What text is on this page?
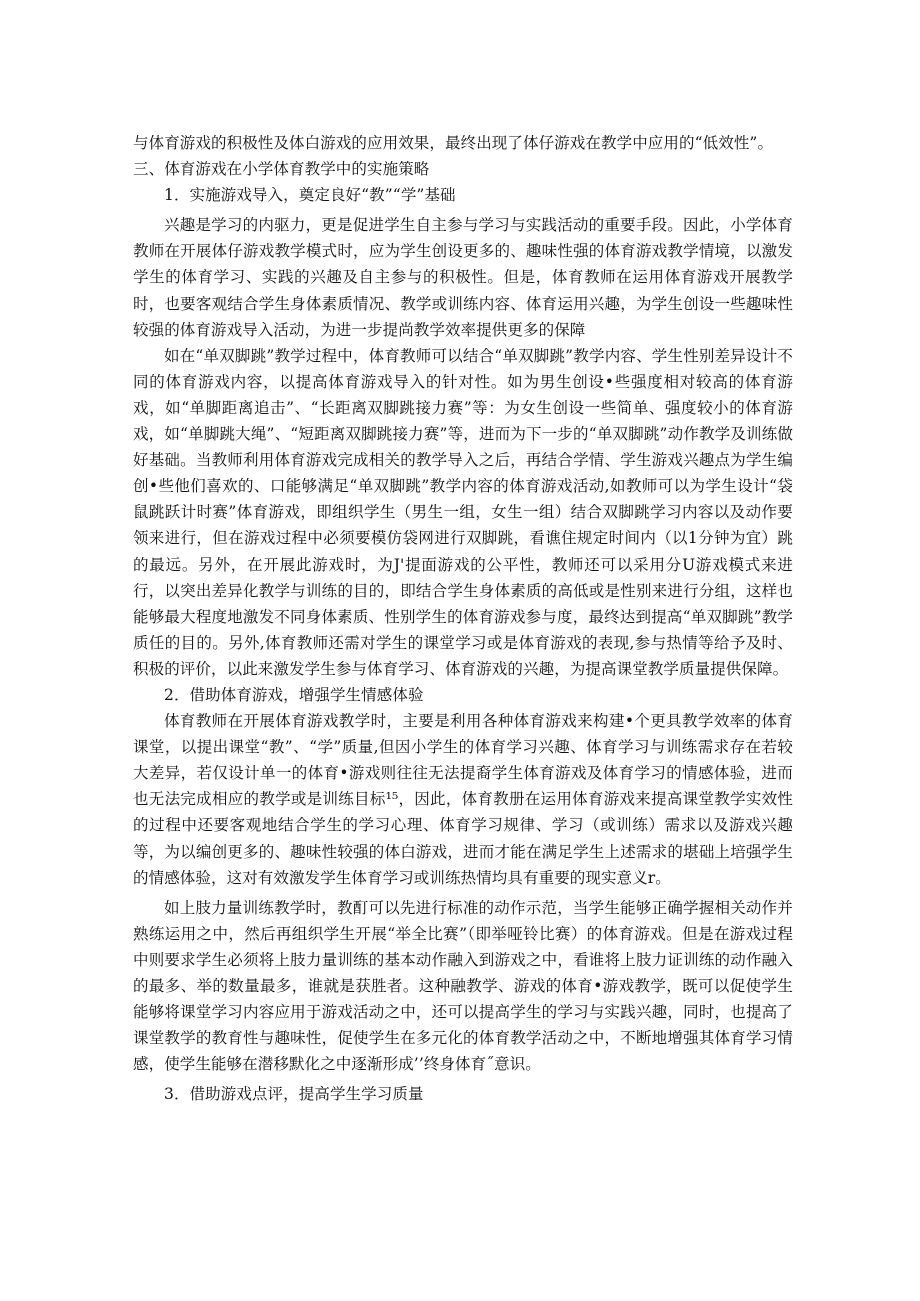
与体育游戏的积极性及体白游戏的应用效果，最终出现了体仔游戏在教学中应用的“低效性”。

三、体育游戏在小学体育教学中的实施策略

1．实施游戏导入，奠定良好“教”“学”基础

兴趣是学习的内驱力，更是促进学生自主参与学习与实践活动的重要手段。因此，小学体育教师在开展体仔游戏教学模式时，应为学生创设更多的、趣味性强的体育游戏教学情境，以激发学生的体育学习、实践的兴趣及自主参与的积极性。但是，体育教师在运用体育游戏开展教学时，也要客观结合学生身体素质情况、教学或训练内容、体育运用兴趣，为学生创设一些趣味性较强的体育游戏导入活动，为进一步提尚教学效率提供更多的保障

如在“单双脚跳”教学过程中，体育教师可以结合“单双脚跳”教学内容、学生性别差异设计不同的体育游戏内容，以提高体育游戏导入的针对性。如为男生创设•些强度相对较高的体育游戏，如“单脚距离追击”、“长距离双脚跳接力赛”等：为女生创设一些简单、强度较小的体育游戏，如“单脚跳大绳”、“短距离双脚跳接力赛”等，进而为下一步的“单双脚跳”动作教学及训练做好基础。当教师利用体育游戏完成相关的教学导入之后，再结合学情、学生游戏兴趣点为学生编创•些他们喜欢的、口能够满足“单双脚跳”教学内容的体育游戏活动,如教师可以为学生设计“袋鼠跳跃计时赛”体育游戏，即组织学生（男生一组，女生一组）结合双脚跳学习内容以及动作要领来进行，但在游戏过程中必须要模仿袋网进行双脚跳，看谯住规定时间内（以1分钟为宜）跳的最远。另外，在开展此游戏时，为J'提面游戏的公平性，教师还可以采用分U游戏模式来进行，以突出差异化教学与训练的目的，即结合学生身体素质的高低或是性别来进行分组，这样也能够最大程度地激发不同身体素质、性别学生的体育游戏参与度，最终达到提高“单双脚跳”教学质任的目的。另外,体育教师还需对学生的课堂学习或是体育游戏的表现,参与热情等给予及时、积极的评价，以此来激发学生参与体育学习、体育游戏的兴趣，为提高课堂教学质量提供保障。

2．借助体育游戏，增强学生情感体验

体育教师在开展体育游戏教学时，主要是利用各种体育游戏来构建•个更具教学效率的体育课堂，以提出课堂“教”、“学”质量,但因小学生的体育学习兴趣、体育学习与训练需求存在若较大差异，若仅设计单一的体育•游戏则往往无法提裔学生体育游戏及体育学习的情感体验，进而也无法完成相应的教学或是训练目标¹⁵，因此，体育教册在运用体育游戏来提高课堂教学实效性的过程中还要客观地结合学生的学习心理、体育学习规律、学习（或训练）需求以及游戏兴趣等，为以编创更多的、趣味性较强的体白游戏，进而才能在满足学生上述需求的堪础上培强学生的情感体验，这对有效激发学生体育学习或训练热情均具有重要的现实意义r。

如上肢力量训练教学时，教酊可以先进行标准的动作示范，当学生能够正确学握相关动作并熟练运用之中，然后再组织学生开展“举全比赛”（即举哑铃比赛）的体育游戏。但是在游戏过程中则要求学生必须将上肢力量训练的基本动作融入到游戏之中，看谁将上肢力证训练的动作融入的最多、举的数量最多，谁就是获胜者。这种融教学、游戏的体育•游戏教学，既可以促使学生能够将课堂学习内容应用于游戏活动之中，还可以提高学生的学习与实践兴趣，同时，也提高了课堂教学的教育性与趣味性，促使学生在多元化的体育教学活动之中，不断地增强其体育学习情感，使学生能够在潜移默化之中逐渐形成’’终身体育˝意识。

3．借助游戏点评，提高学生学习质量
